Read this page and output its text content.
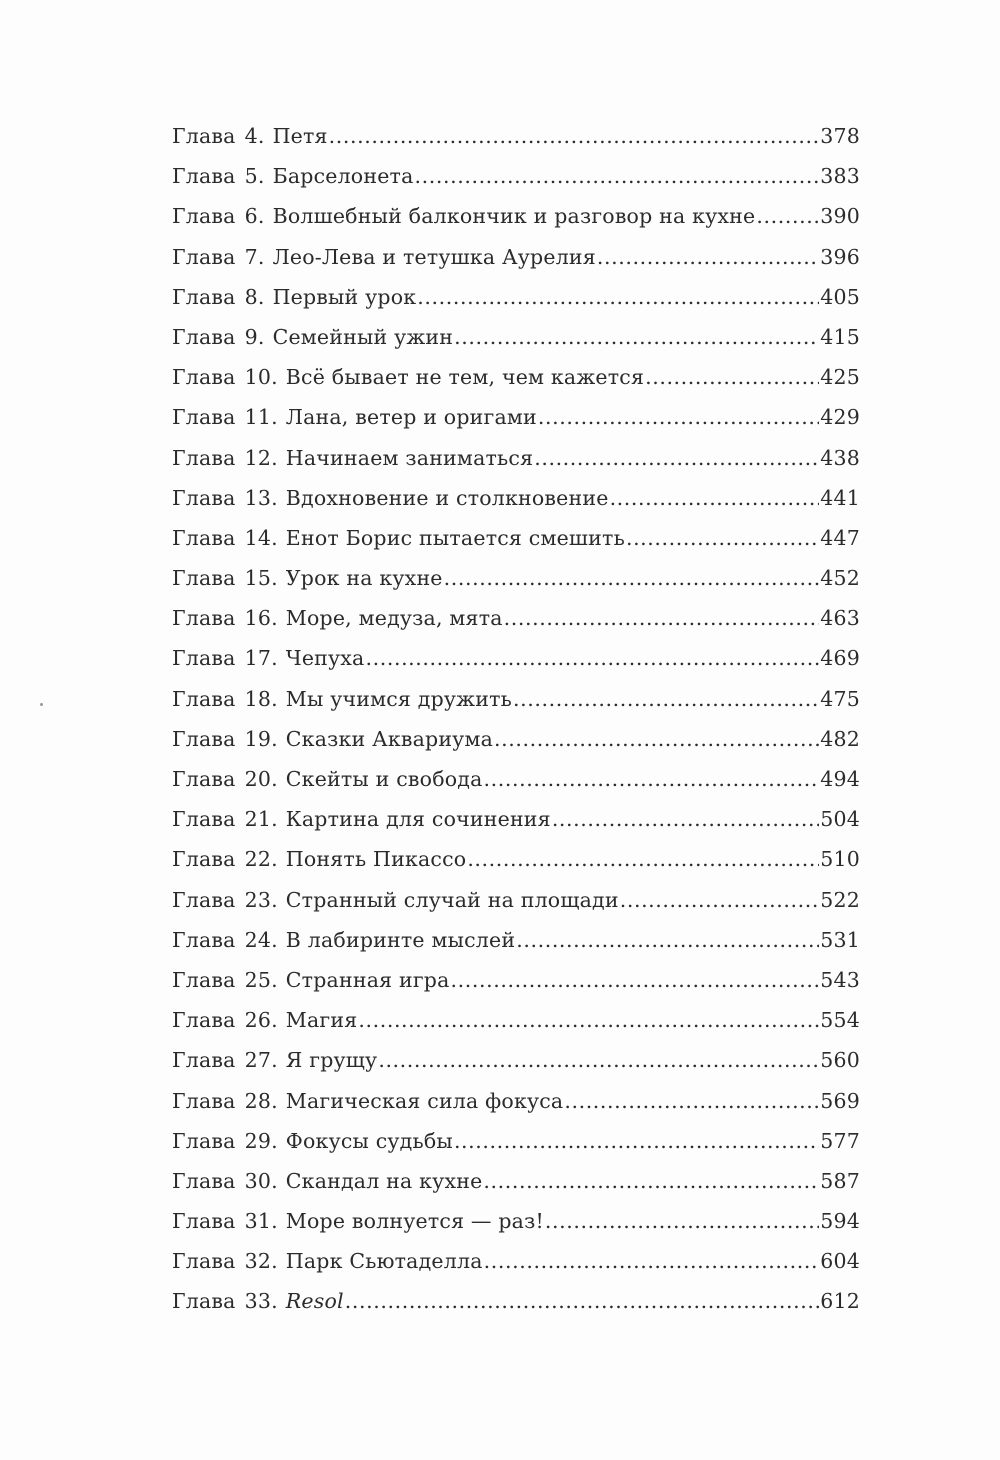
Глава 4. Петя .....	378
Глава 5. Барселонета .....	383
Глава 6. Волшебный балкончик и разговор на кухне .....	390
Глава 7. Лео-Лева и тетушка Аурелия .....	396
Глава 8. Первый урок .....	405
Глава 9. Семейный ужин .....	415
Глава 10. Всё бывает не тем, чем кажется .....	425
Глава 11. Лана, ветер и оригами .....	429
Глава 12. Начинаем заниматься .....	438
Глава 13. Вдохновение и столкновение .....	441
Глава 14. Енот Борис пытается смешить .....	447
Глава 15. Урок на кухне .....	452
Глава 16. Море, медуза, мята .....	463
Глава 17. Чепуха .....	469
Глава 18. Мы учимся дружить .....	475
Глава 19. Сказки Аквариума .....	482
Глава 20. Скейты и свобода .....	494
Глава 21. Картина для сочинения .....	504
Глава 22. Понять Пикассо .....	510
Глава 23. Странный случай на площади .....	522
Глава 24. В лабиринте мыслей .....	531
Глава 25. Странная игра .....	543
Глава 26. Магия .....	554
Глава 27. Я грущу .....	560
Глава 28. Магическая сила фокуса .....	569
Глава 29. Фокусы судьбы .....	577
Глава 30. Скандал на кухне .....	587
Глава 31. Море волнуется — раз! .....	594
Глава 32. Парк Сьютаделла .....	604
Глава 33. Resol .....	612
